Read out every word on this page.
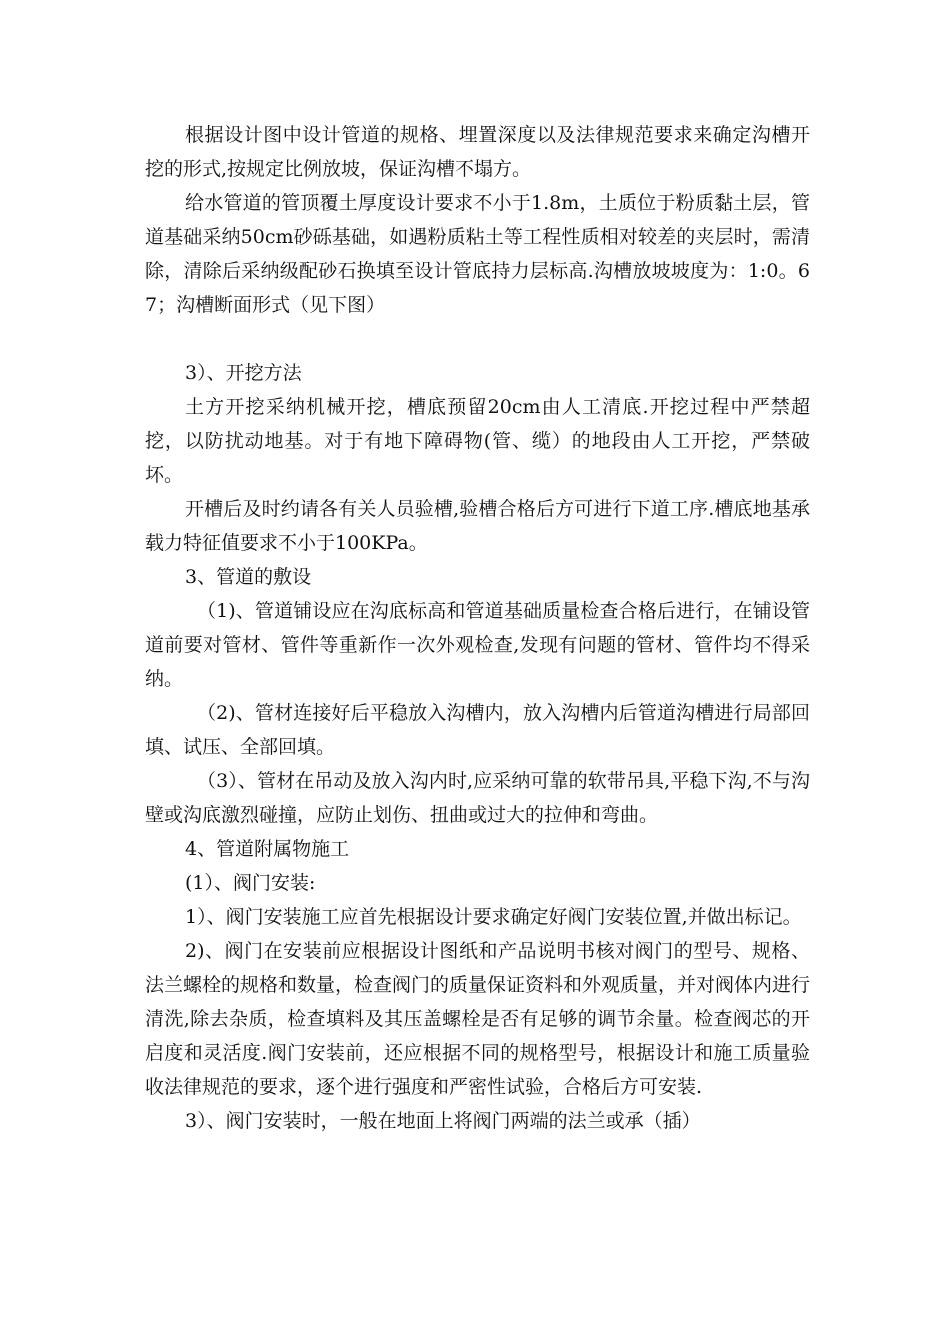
根据设计图中设计管道的规格、埋置深度以及法律规范要求来确定沟槽开挖的形式,按规定比例放坡，保证沟槽不塌方。

给水管道的管顶覆土厚度设计要求不小于1.8m，土质位于粉质黏土层，管道基础采纳50cm砂砾基础，如遇粉质粘土等工程性质相对较差的夹层时，需清除，清除后采纳级配砂石换填至设计管底持力层标高.沟槽放坡坡度为：1:0。67；沟槽断面形式（见下图）

3）、开挖方法

土方开挖采纳机械开挖，槽底预留20cm由人工清底.开挖过程中严禁超挖，以防扰动地基。对于有地下障碍物(管、缆）的地段由人工开挖，严禁破坏。

开槽后及时约请各有关人员验槽,验槽合格后方可进行下道工序.槽底地基承载力特征值要求不小于100KPa。

3、管道的敷设

（1)、管道铺设应在沟底标高和管道基础质量检查合格后进行，在铺设管道前要对管材、管件等重新作一次外观检查,发现有问题的管材、管件均不得采纳。

（2)、管材连接好后平稳放入沟槽内，放入沟槽内后管道沟槽进行局部回填、试压、全部回填。

（3）、管材在吊动及放入沟内时,应采纳可靠的软带吊具,平稳下沟,不与沟壁或沟底激烈碰撞，应防止划伤、扭曲或过大的拉伸和弯曲。

4、管道附属物施工

(1）、阀门安装:

1）、阀门安装施工应首先根据设计要求确定好阀门安装位置,并做出标记。

2)、阀门在安装前应根据设计图纸和产品说明书核对阀门的型号、规格、法兰螺栓的规格和数量，检查阀门的质量保证资料和外观质量，并对阀体内进行清洗,除去杂质，检查填料及其压盖螺栓是否有足够的调节余量。检查阀芯的开启度和灵活度.阀门安装前，还应根据不同的规格型号，根据设计和施工质量验收法律规范的要求，逐个进行强度和严密性试验，合格后方可安装.

3）、阀门安装时，一般在地面上将阀门两端的法兰或承（插）
